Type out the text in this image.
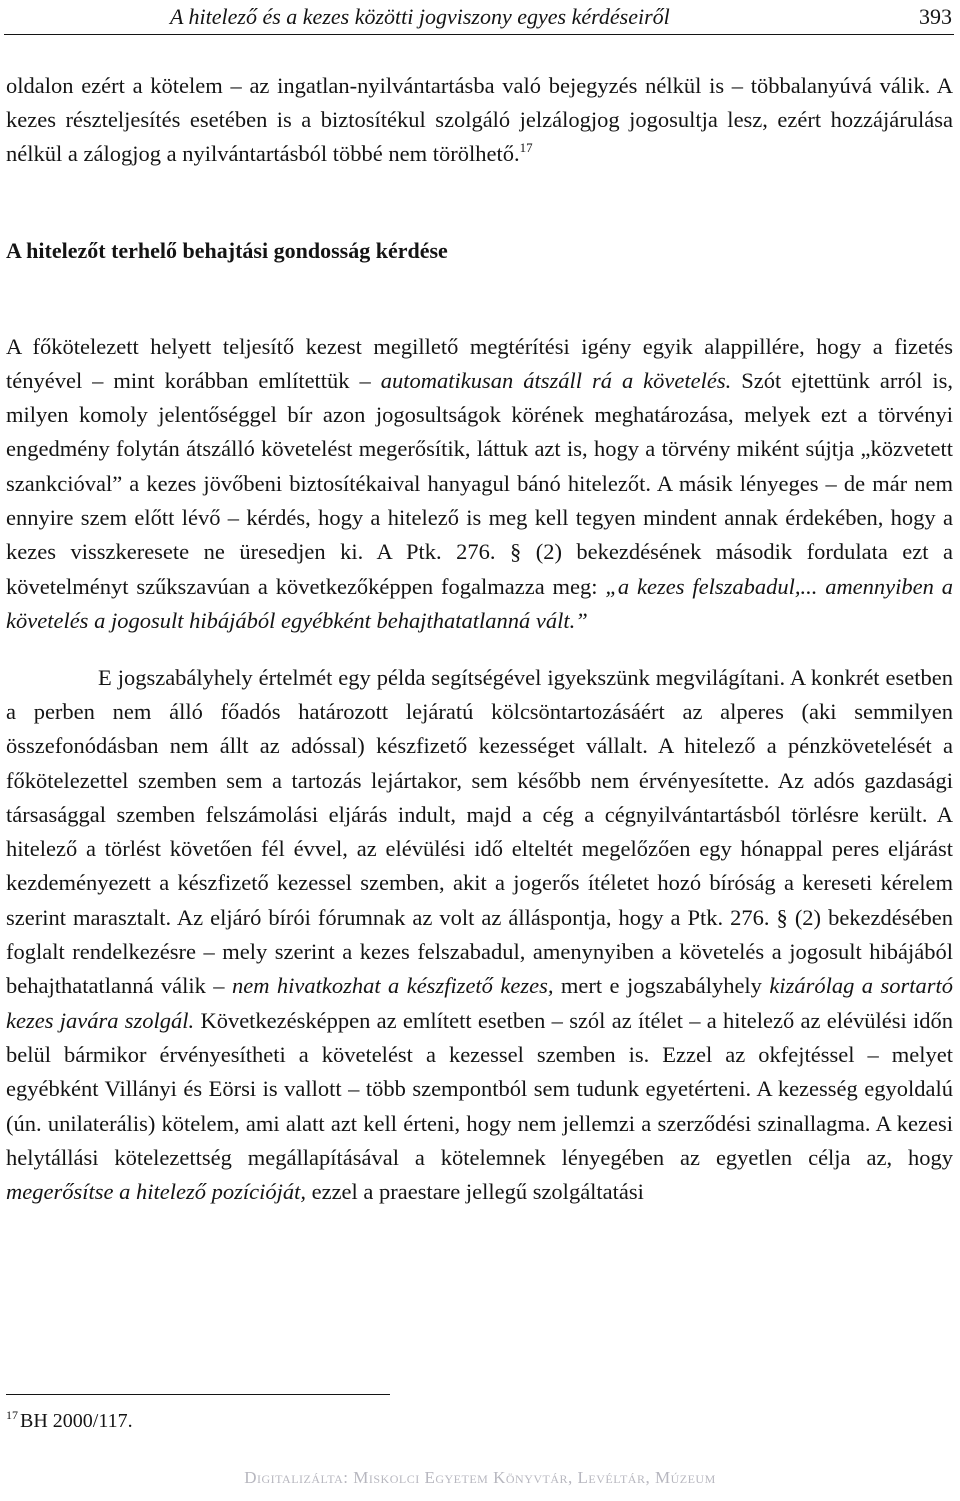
A hitelező és a kezes közötti jogviszony egyes kérdéseiről	393

oldalon ezért a kötelem – az ingatlan-nyilvántartásba való bejegyzés nélkül is – többalanyúvá válik. A kezes részteljesítés esetében is a biztosítékul szolgáló jelzálogjog jogosultja lesz, ezért hozzájárulása nélkül a zálogjog a nyilvántartásból többé nem törölhető.$^{17}$

A hitelezőt terhelő behajtási gondosság kérdése

A főkötelezett helyett teljesítő kezest megillető megtérítési igény egyik alappillére, hogy a fizetés tényével – mint korábban említettük – automatikusan átszáll rá a követelés. Szót ejtettünk arról is, milyen komoly jelentőséggel bír azon jogosultságok körének meghatározása, melyek ezt a törvényi engedmény folytán átszálló követelést megerősítik, láttuk azt is, hogy a törvény miként sújtja „közvetett szankcióval” a kezes jövőbeni biztosítékaival hanyagul bánó hitelezőt. A másik lényeges – de már nem ennyire szem előtt lévő – kérdés, hogy a hitelező is meg kell tegyen mindent annak érdekében, hogy a kezes visszkeresete ne üresedjen ki. A Ptk. 276. § (2) bekezdésének második fordulata ezt a követelményt szűkszavúan a következőképpen fogalmazza meg: „a kezes felszabadul,... amennyiben a követelés a jogosult hibájából egyébként behajthatatlanná vált.”

E jogszabályhely értelmét egy példa segítségével igyekszünk megvilágítani. A konkrét esetben a perben nem álló főadós határozott lejáratú kölcsöntartozásáért az alperes (aki semmilyen összefonódásban nem állt az adóssal) készfizető kezességet vállalt. A hitelező a pénzkövetelését a főkötelezettel szemben sem a tartozás lejártakor, sem később nem érvényesítette. Az adós gazdasági társasággal szemben felszámolási eljárás indult, majd a cég a cégnyilvántartásból törlésre került. A hitelező a törlést követően fél évvel, az elévülési idő elteltét megelőzően egy hónappal peres eljárást kezdeményezett a készfizető kezessel szemben, akit a jogerős ítéletet hozó bíróság a kereseti kérelem szerint marasztalt. Az eljáró bírói fórumnak az volt az álláspontja, hogy a Ptk. 276. § (2) bekezdésében foglalt rendelkezésre – mely szerint a kezes felszabadul, amenynyiben a követelés a jogosult hibájából behajthatatlanná válik – nem hivatkozhat a készfizető kezes, mert e jogszabályhely kizárólag a sortartó kezes javára szolgál. Következésképpen az említett esetben – szól az ítélet – a hitelező az elévülési időn belül bármikor érvényesítheti a követelést a kezessel szemben is. Ezzel az okfejtéssel – melyet egyébként Villányi és Eörsi is vallott – több szempontból sem tudunk egyetérteni. A kezesség egyoldalú (ún. unilaterális) kötelem, ami alatt azt kell érteni, hogy nem jellemzi a szerződési szinallagma. A kezesi helytállási kötelezettség megállapításával a kötelemnek lényegében az egyetlen célja az, hogy megerősítse a hitelező pozícióját, ezzel a praestare jellegű szolgáltatási

$^{17}$ BH 2000/117.
Digitalizálta: Miskolci Egyetem Könyvtár, Levéltár, Múzeum
